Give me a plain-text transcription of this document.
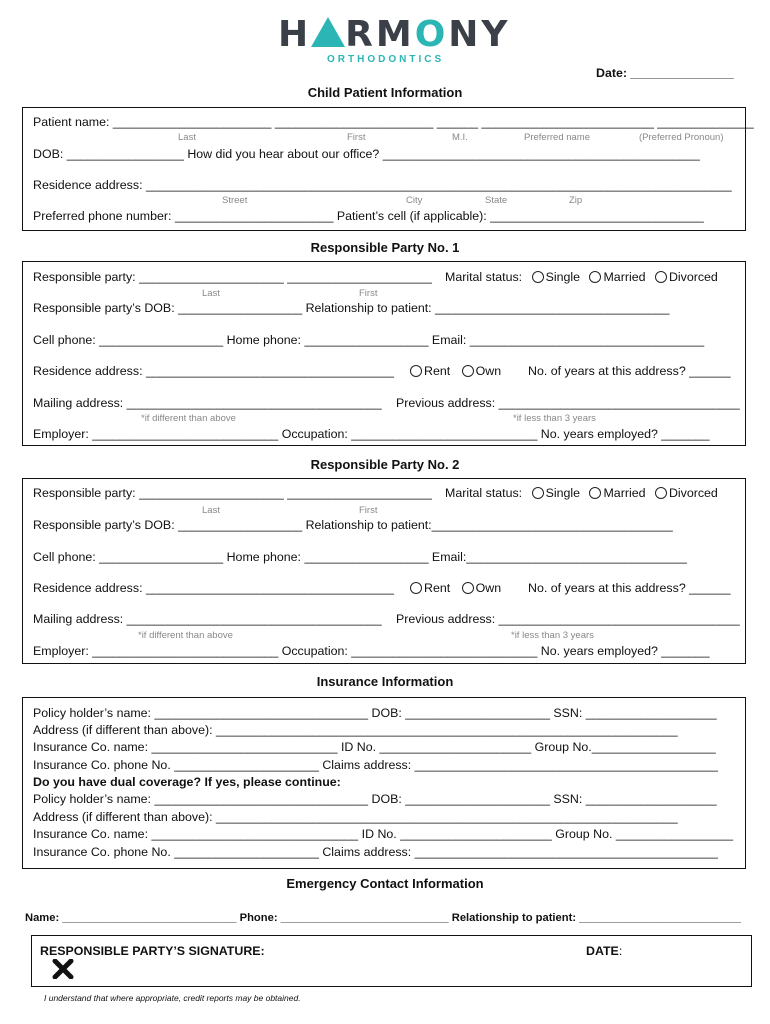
H RMONY
ORTHODONTICS
Date: _______________
Child Patient Information
Patient name: _______________________ _______________________ ______ _________________________ ______________
Last	First	M.I.	Preferred name	(Preferred Pronoun)
DOB: _________________ How did you hear about our office? ______________________________________________
Residence address: _____________________________________________________________________________________
Street	City	State	Zip
Preferred phone number: _______________________ Patient’s cell (if applicable): _______________________________
Responsible Party No. 1
Responsible party: _____________________ _____________________ Marital status: Single Married Divorced
Last	First
Responsible party’s DOB: __________________ Relationship to patient: __________________________________
Cell phone: __________________ Home phone: __________________ Email: __________________________________
Residence address: ____________________________________	Rent Own No. of years at this address? ______
Mailing address: _____________________________________ Previous address: ___________________________________
*if different than above	*if less than 3 years
Employer: ___________________________ Occupation: ___________________________ No. years employed? _______
Responsible Party No. 2
Responsible party: _____________________ _____________________ Marital status: Single Married Divorced
Last	First
Responsible party’s DOB: __________________ Relationship to patient:___________________________________
Cell phone: __________________ Home phone: __________________ Email:________________________________
Residence address: ____________________________________	Rent Own No. of years at this address? ______
Mailing address: _____________________________________ Previous address: ___________________________________
*if different than above	*if less than 3 years
Employer: ___________________________ Occupation: ___________________________ No. years employed? _______
Insurance Information
Policy holder’s name: _______________________________ DOB: _____________________ SSN: ___________________
Address (if different than above): ___________________________________________________________________
Insurance Co. name: ___________________________ ID No. ______________________ Group No.__________________
Insurance Co. phone No. _____________________ Claims address: ____________________________________________
Do you have dual coverage? If yes, please continue:
Policy holder’s name: _______________________________ DOB: _____________________ SSN: ___________________
Address (if different than above): ___________________________________________________________________
Insurance Co. name: ______________________________ ID No. ______________________ Group No. _________________
Insurance Co. phone No. _____________________ Claims address: ____________________________________________
Emergency Contact Information
Name: ____________________________ Phone: ___________________________ Relationship to patient: __________________________
RESPONSIBLE PARTY’S SIGNATURE:	DATE:
I understand that where appropriate, credit reports may be obtained.
